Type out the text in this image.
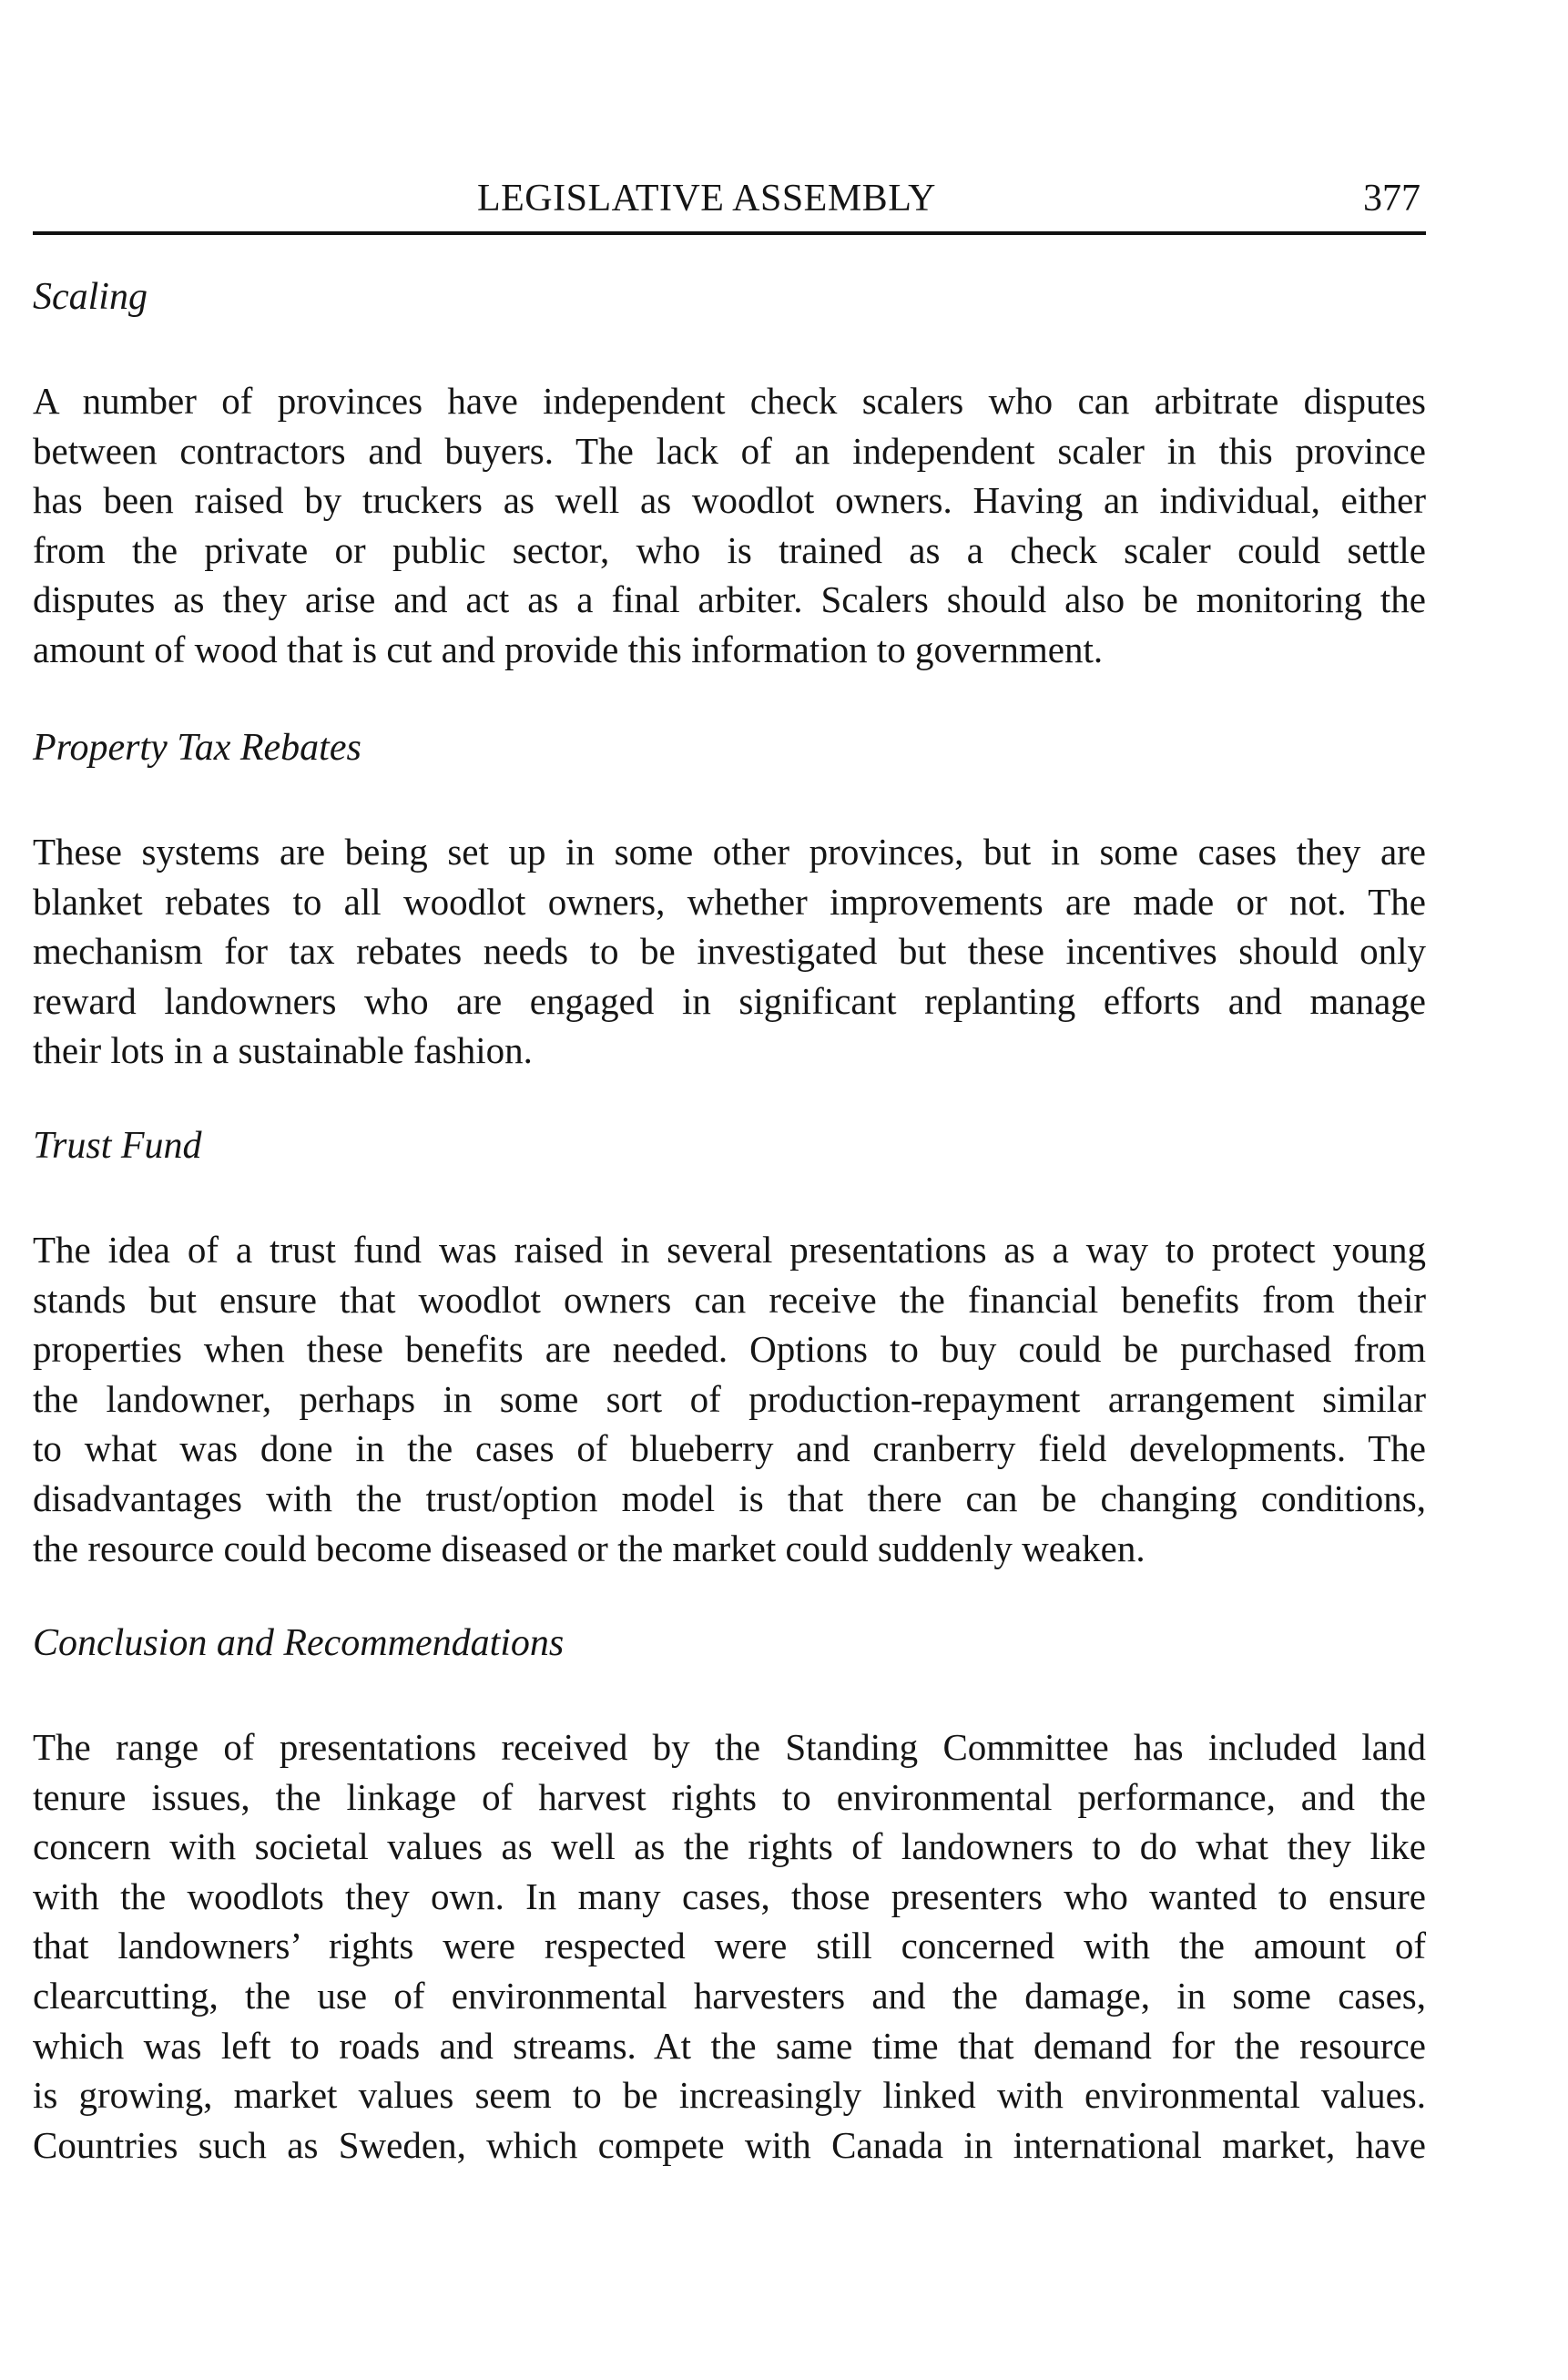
LEGISLATIVE ASSEMBLY	377
Scaling
A number of provinces have independent check scalers who can arbitrate disputes
between contractors and buyers. The lack of an independent scaler in this province
has been raised by truckers as well as woodlot owners. Having an individual, either
from the private or public sector, who is trained as a check scaler could settle
disputes as they arise and act as a final arbiter. Scalers should also be monitoring the
amount of wood that is cut and provide this information to government.
Property Tax Rebates
These systems are being set up in some other provinces, but in some cases they are
blanket rebates to all woodlot owners, whether improvements are made or not. The
mechanism for tax rebates needs to be investigated but these incentives should only
reward landowners who are engaged in significant replanting efforts and manage
their lots in a sustainable fashion.
Trust Fund
The idea of a trust fund was raised in several presentations as a way to protect young
stands but ensure that woodlot owners can receive the financial benefits from their
properties when these benefits are needed. Options to buy could be purchased from
the landowner, perhaps in some sort of production-repayment arrangement similar
to what was done in the cases of blueberry and cranberry field developments. The
disadvantages with the trust/option model is that there can be changing conditions,
the resource could become diseased or the market could suddenly weaken.
Conclusion and Recommendations
The range of presentations received by the Standing Committee has included land
tenure issues, the linkage of harvest rights to environmental performance, and the
concern with societal values as well as the rights of landowners to do what they like
with the woodlots they own. In many cases, those presenters who wanted to ensure
that landowners’ rights were respected were still concerned with the amount of
clearcutting, the use of environmental harvesters and the damage, in some cases,
which was left to roads and streams. At the same time that demand for the resource
is growing, market values seem to be increasingly linked with environmental values.
Countries such as Sweden, which compete with Canada in international market, have
